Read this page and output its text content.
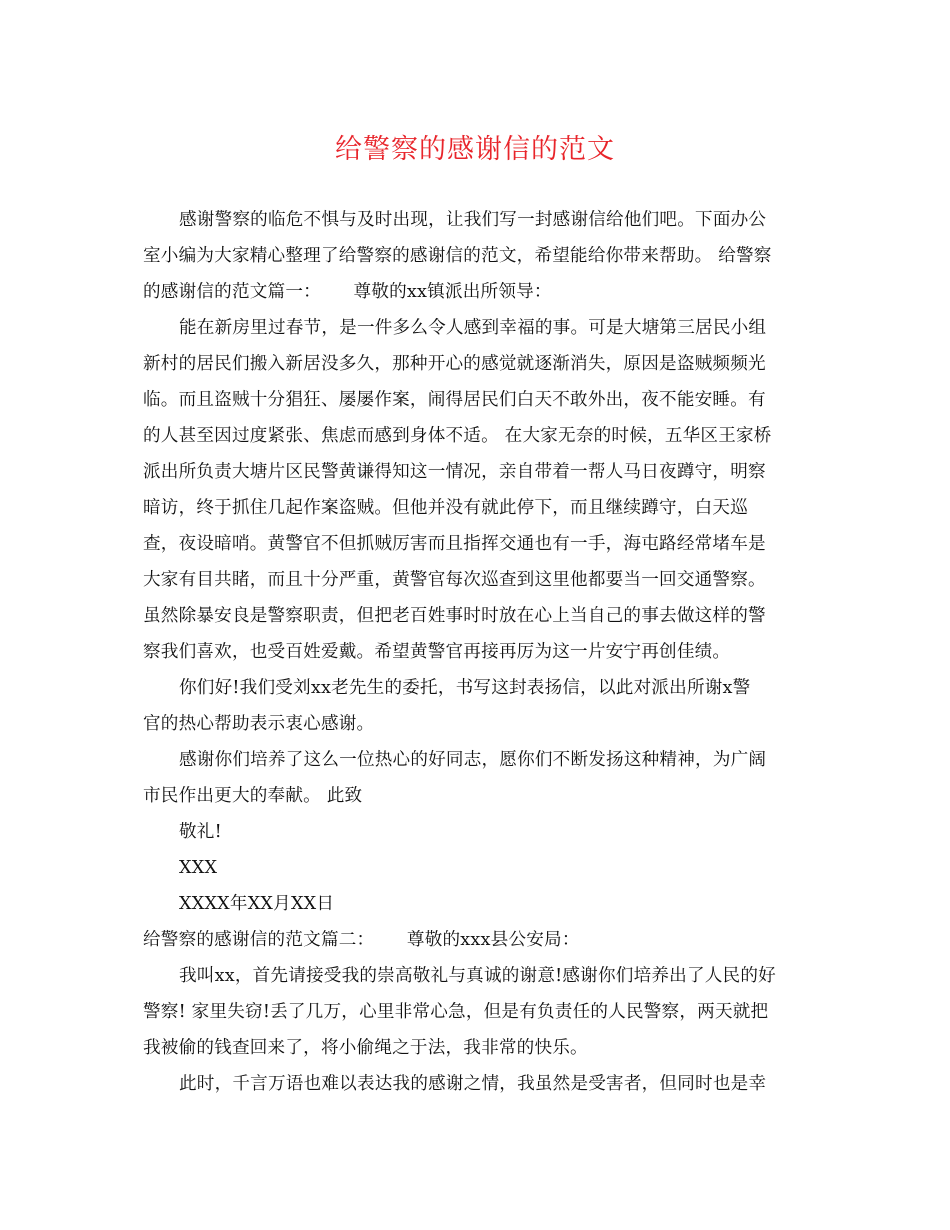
给警察的感谢信的范文
感谢警察的临危不惧与及时出现，让我们写一封感谢信给他们吧。下面办公
室小编为大家精心整理了给警察的感谢信的范文，希望能给你带来帮助。 给警察
的感谢信的范文篇一：　　 尊敬的xx镇派出所领导：
能在新房里过春节，是一件多么令人感到幸福的事。可是大塘第三居民小组
新村的居民们搬入新居没多久，那种开心的感觉就逐渐消失，原因是盗贼频频光
临。而且盗贼十分猖狂、屡屡作案，闹得居民们白天不敢外出，夜不能安睡。有
的人甚至因过度紧张、焦虑而感到身体不适。 在大家无奈的时候，五华区王家桥
派出所负责大塘片区民警黄谦得知这一情况，亲自带着一帮人马日夜蹲守，明察
暗访，终于抓住几起作案盗贼。但他并没有就此停下，而且继续蹲守，白天巡
查，夜设暗哨。黄警官不但抓贼厉害而且指挥交通也有一手，海屯路经常堵车是
大家有目共睹，而且十分严重，黄警官每次巡查到这里他都要当一回交通警察。
虽然除暴安良是警察职责，但把老百姓事时时放在心上当自己的事去做这样的警
察我们喜欢，也受百姓爱戴。希望黄警官再接再厉为这一片安宁再创佳绩。
你们好!我们受刘xx老先生的委托，书写这封表扬信，以此对派出所谢x警
官的热心帮助表示衷心感谢。
感谢你们培养了这么一位热心的好同志，愿你们不断发扬这种精神，为广阔
市民作出更大的奉献。 此致
敬礼!
XXX
XXXX年XX月XX日
给警察的感谢信的范文篇二：　　 尊敬的xxx县公安局：
我叫xx，首先请接受我的崇高敬礼与真诚的谢意!感谢你们培养出了人民的好
警察! 家里失窃!丢了几万，心里非常心急，但是有负责任的人民警察，两天就把
我被偷的钱查回来了，将小偷绳之于法，我非常的快乐。
此时，千言万语也难以表达我的感谢之情，我虽然是受害者，但同时也是幸
